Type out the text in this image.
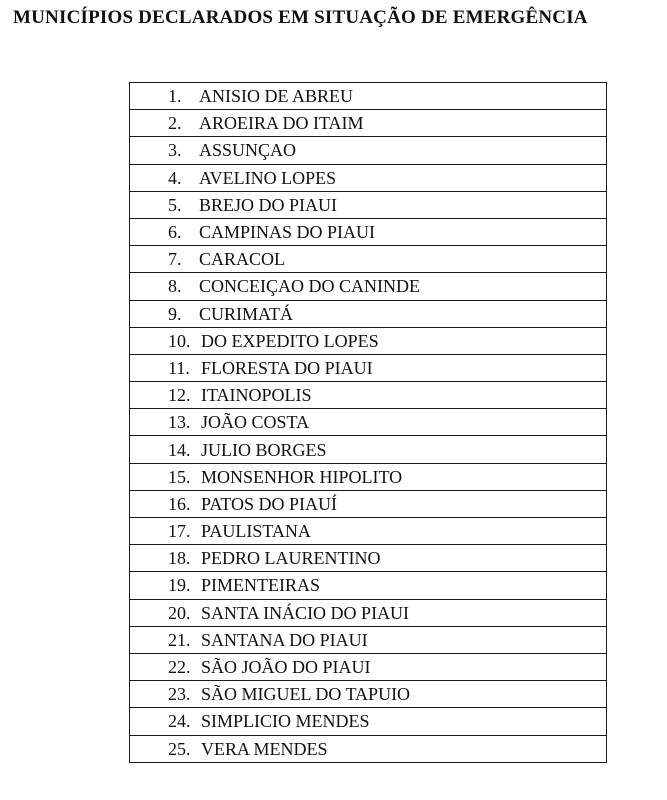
MUNICÍPIOS DECLARADOS EM SITUAÇÃO DE EMERGÊNCIA
1. ANISIO DE ABREU

2. AROEIRA DO ITAIM

3. ASSUNÇAO

4. AVELINO LOPES

5. BREJO DO PIAUI

6. CAMPINAS DO PIAUI

7. CARACOL

8. CONCEIÇAO DO CANINDE

9. CURIMATÁ

10. DO EXPEDITO LOPES

11. FLORESTA DO PIAUI

12. ITAINOPOLIS

13. JOÃO COSTA

14. JULIO BORGES

15. MONSENHOR HIPOLITO

16. PATOS DO PIAUÍ

17. PAULISTANA

18. PEDRO LAURENTINO

19. PIMENTEIRAS

20. SANTA INÁCIO DO PIAUI

21. SANTANA DO PIAUI

22. SÃO JOÃO DO PIAUI

23. SÃO MIGUEL DO TAPUIO

24. SIMPLICIO MENDES

25. VERA MENDES
